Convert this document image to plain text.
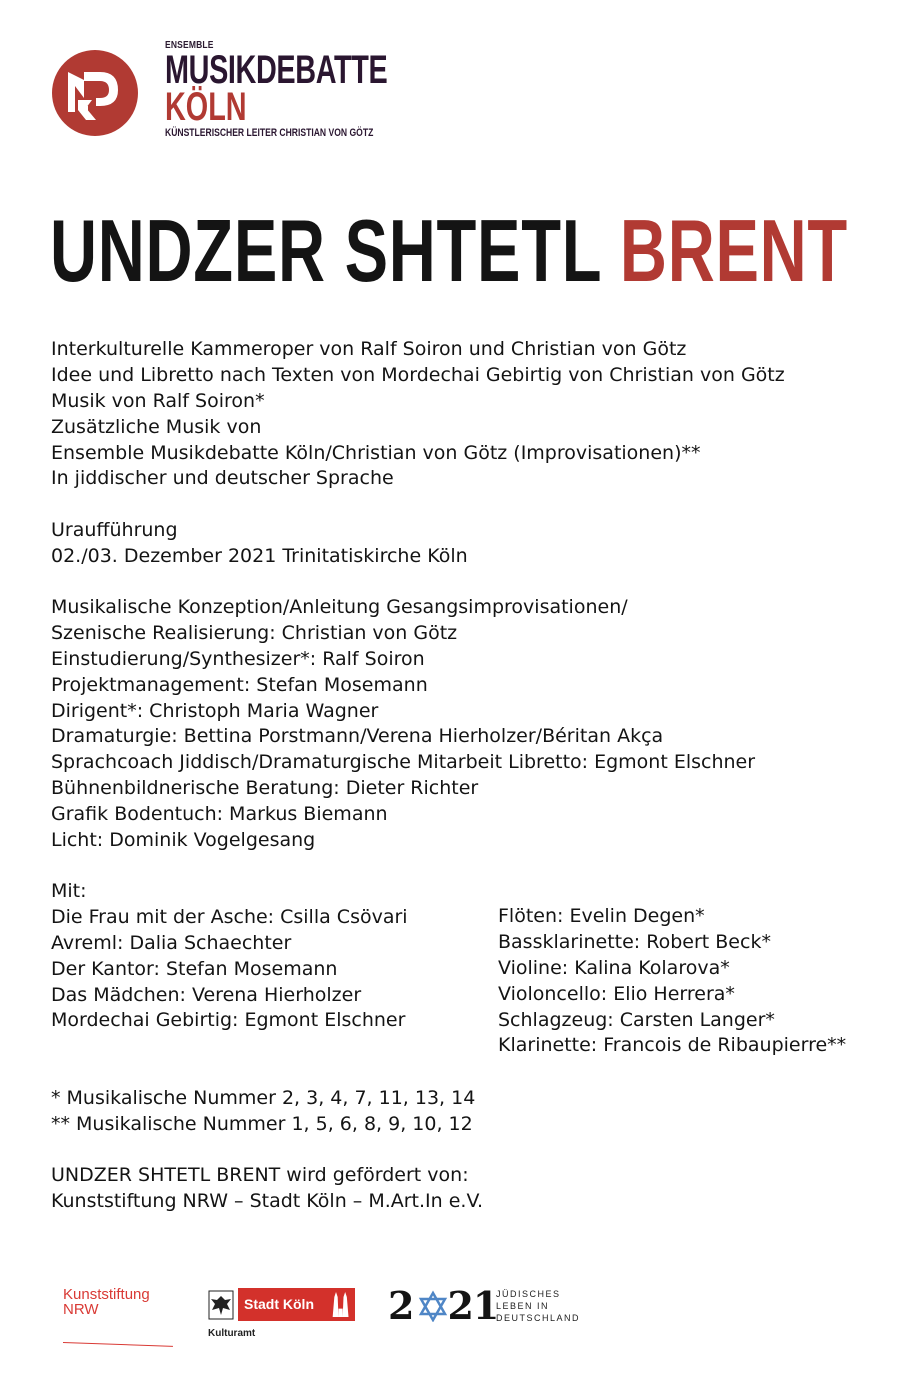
ENSEMBLE
MUSIKDEBATTE
KÖLN
KÜNSTLERISCHER LEITER CHRISTIAN VON GÖTZ
UNDZER SHTETL BRENT
Interkulturelle Kammeroper von Ralf Soiron und Christian von Götz
Idee und Libretto nach Texten von Mordechai Gebirtig von Christian von Götz
Musik von Ralf Soiron*
Zusätzliche Musik von
Ensemble Musikdebatte Köln/Christian von Götz (Improvisationen)**
In jiddischer und deutscher Sprache
Uraufführung
02./03. Dezember 2021 Trinitatiskirche Köln
Musikalische Konzeption/Anleitung Gesangsimprovisationen/
Szenische Realisierung: Christian von Götz
Einstudierung/Synthesizer*: Ralf Soiron
Projektmanagement: Stefan Mosemann
Dirigent*: Christoph Maria Wagner
Dramaturgie: Bettina Porstmann/Verena Hierholzer/Béritan Akça
Sprachcoach Jiddisch/Dramaturgische Mitarbeit Libretto: Egmont Elschner
Bühnenbildnerische Beratung: Dieter Richter
Grafik Bodentuch: Markus Biemann
Licht: Dominik Vogelgesang
Mit:
Die Frau mit der Asche: Csilla Csövari
Avreml: Dalia Schaechter
Der Kantor: Stefan Mosemann
Das Mädchen: Verena Hierholzer
Mordechai Gebirtig: Egmont Elschner
Flöten: Evelin Degen*
Bassklarinette: Robert Beck*
Violine: Kalina Kolarova*
Violoncello: Elio Herrera*
Schlagzeug: Carsten Langer*
Klarinette: Francois de Ribaupierre**
* Musikalische Nummer 2, 3, 4, 7, 11, 13, 14
** Musikalische Nummer 1, 5, 6, 8, 9, 10, 12
UNDZER SHTETL BRENT wird gefördert von:
Kunststiftung NRW – Stadt Köln – M.Art.In e.V.
Kunststiftung
NRW	Stadt Köln
Kulturamt
2 21
JÜDISCHES
LEBEN IN
DEUTSCHLAND
